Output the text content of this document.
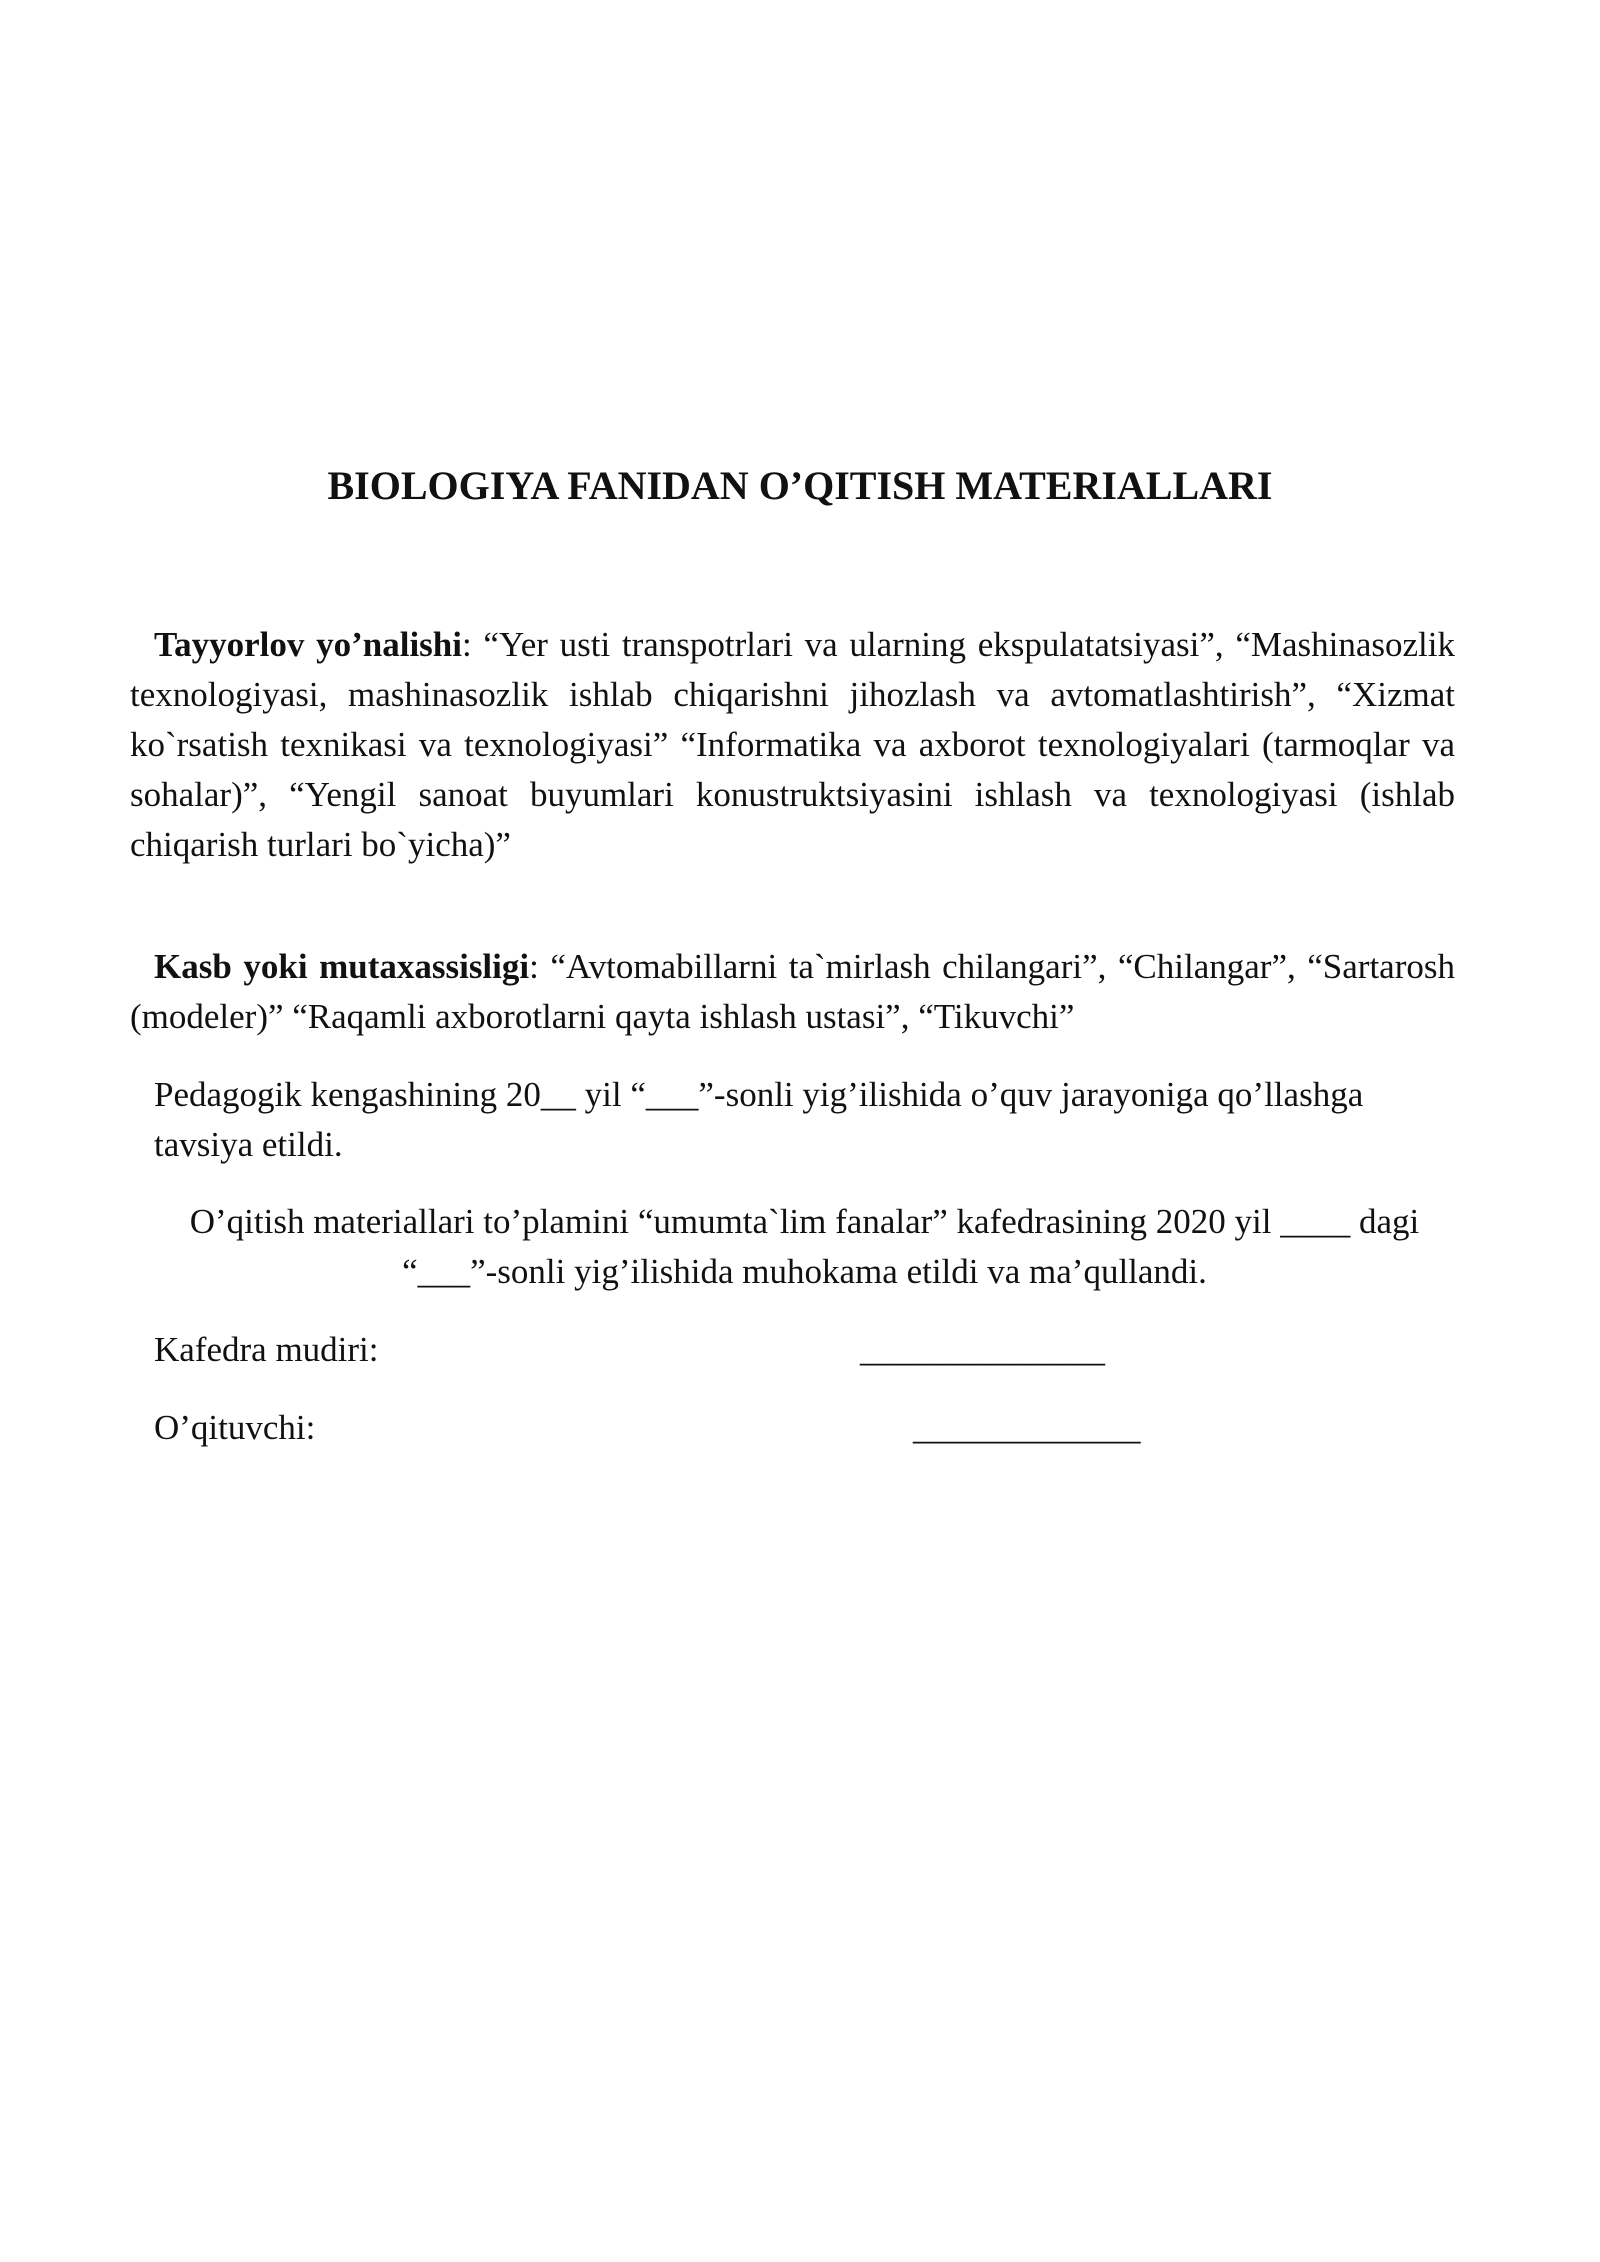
BIOLOGIYA FANIDAN O’QITISH MATERIALLARI

Tayyorlov yo’nalishi: “Yer usti transpotrlari va ularning ekspulatatsiyasi”, “Mashinasozlik texnologiyasi, mashinasozlik ishlab chiqarishni jihozlash va avtomatlashtirish”, “Xizmat ko`rsatish texnikasi va texnologiyasi” “Informatika va axborot texnologiyalari (tarmoqlar va sohalar)”, “Yengil sanoat buyumlari konustruktsiyasini ishlash va texnologiyasi (ishlab chiqarish turlari bo`yicha)”

Kasb yoki mutaxassisligi: “Avtomabillarni ta`mirlash chilangari”, “Chilangar”, “Sartarosh (modeler)” “Raqamli axborotlarni qayta ishlash ustasi”, “Tikuvchi”

Pedagogik kengashining 20__ yil “___”-sonli yig’ilishida o’quv jarayoniga qo’llashga tavsiya etildi.

O’qitish materiallari to’plamini “umumta`lim fanalar” kafedrasining 2020 yil ____ dagi “___”-sonli yig’ilishida muhokama etildi va ma’qullandi.

Kafedra mudiri:	______________

O’qituvchi:	_____________
